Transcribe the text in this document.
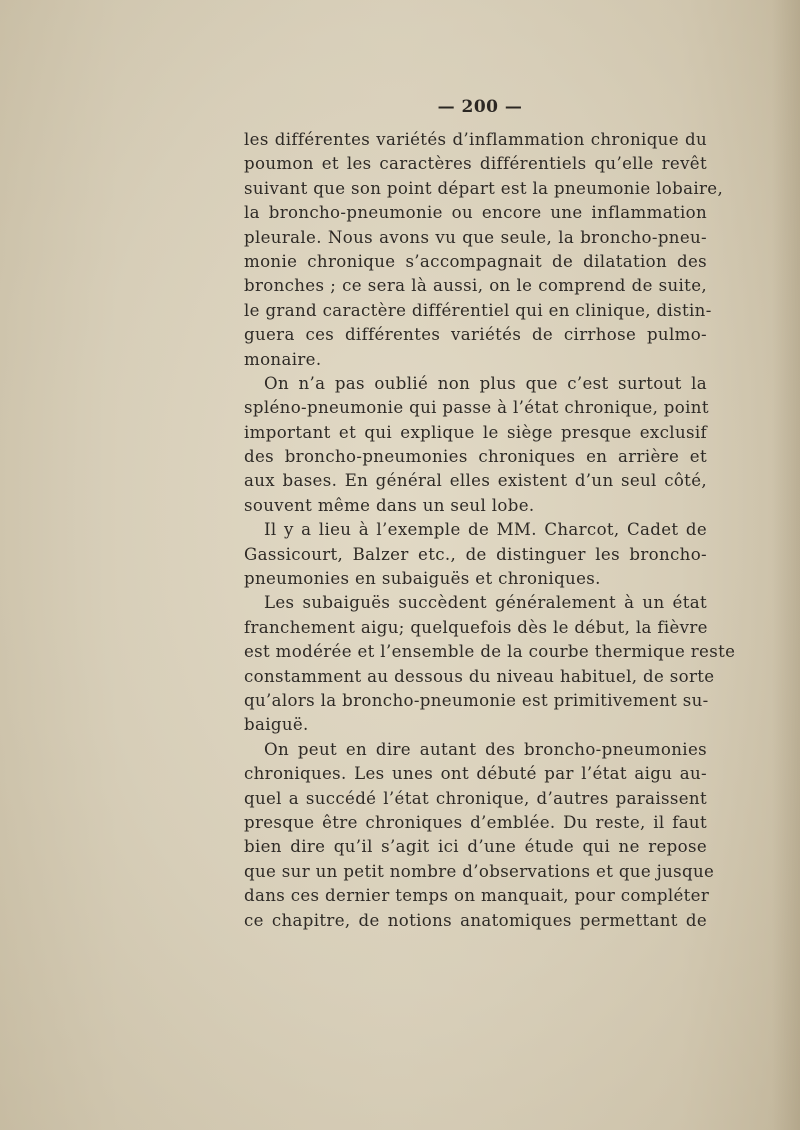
— 200 —
les différentes variétés d’inflammation chronique du
poumon et les caractères différentiels qu’elle revêt
suivant que son point départ est la pneumonie lobaire,
la broncho-pneumonie ou encore une inflammation
pleurale. Nous avons vu que seule, la broncho-pneu-
monie chronique s’accompagnait de dilatation des
bronches ; ce sera là aussi, on le comprend de suite,
le grand caractère différentiel qui en clinique, distin-
guera ces différentes variétés de cirrhose pulmo-
monaire.
On n’a pas oublié non plus que c’est surtout la
spléno-pneumonie qui passe à l’état chronique, point
important et qui explique le siège presque exclusif
des broncho-pneumonies chroniques en arrière et
aux bases. En général elles existent d’un seul côté,
souvent même dans un seul lobe.
Il y a lieu à l’exemple de MM. Charcot, Cadet de
Gassicourt, Balzer etc., de distinguer les broncho-
pneumonies en subaiguës et chroniques.
Les subaiguës succèdent généralement à un état
franchement aigu; quelquefois dès le début, la fièvre
est modérée et l’ensemble de la courbe thermique reste
constamment au dessous du niveau habituel, de sorte
qu’alors la broncho-pneumonie est primitivement su-
baiguë.
On peut en dire autant des broncho-pneumonies
chroniques. Les unes ont débuté par l’état aigu au-
quel a succédé l’état chronique, d’autres paraissent
presque être chroniques d’emblée. Du reste, il faut
bien dire qu’il s’agit ici d’une étude qui ne repose
que sur un petit nombre d’observations et que jusque
dans ces dernier temps on manquait, pour compléter
ce chapitre, de notions anatomiques permettant de
